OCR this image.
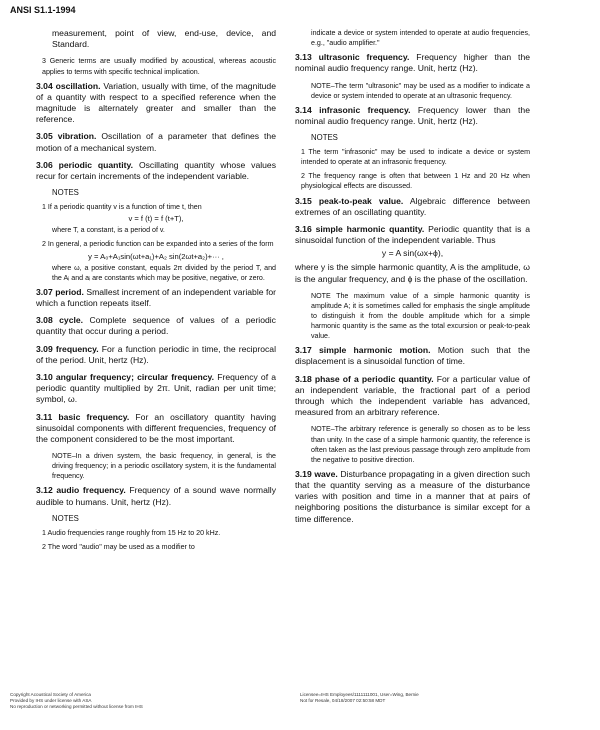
ANSI S1.1-1994

measurement, point of view, end-use, device, and Standard.

3 Generic terms are usually modified by acoustical, whereas acoustic applies to terms with specific technical implication.

3.04 oscillation. Variation, usually with time, of the magnitude of a quantity with respect to a specified reference when the magnitude is alternately greater and smaller than the reference.

3.05 vibration. Oscillation of a parameter that defines the motion of a mechanical system.

3.06 periodic quantity. Oscillating quantity whose values recur for certain increments of the independent variable.

NOTES

1 If a periodic quantity v is a function of time t, then

v = f (t) = f (t+T),

where T, a constant, is a period of v.

2 In general, a periodic function can be expanded into a series of the form

y = A₀+A₁sin(ωt+a₁)+A₂ sin(2ωt+a₂)+··· ,

where ω, a positive constant, equals 2π divided by the period T, and the Aᵢ and aᵢ are constants which may be positive, negative, or zero.

3.07 period. Smallest increment of an independent variable for which a function repeats itself.

3.08 cycle. Complete sequence of values of a periodic quantity that occur during a period.

3.09 frequency. For a function periodic in time, the reciprocal of the period. Unit, hertz (Hz).

3.10 angular frequency; circular frequency. Frequency of a periodic quantity multiplied by 2π. Unit, radian per unit time; symbol, ω.

3.11 basic frequency. For an oscillatory quantity having sinusoidal components with different frequencies, frequency of the component considered to be the most important.

NOTE–In a driven system, the basic frequency, in general, is the driving frequency; in a periodic oscillatory system, it is the fundamental frequency.

3.12 audio frequency. Frequency of a sound wave normally audible to humans. Unit, hertz (Hz).

NOTES

1 Audio frequencies range roughly from 15 Hz to 20 kHz.

2 The word "audio" may be used as a modifier to

indicate a device or system intended to operate at audio frequencies, e.g., "audio amplifier."

3.13 ultrasonic frequency. Frequency higher than the nominal audio frequency range. Unit, hertz (Hz).

NOTE–The term "ultrasonic" may be used as a modifier to indicate a device or system intended to operate at an ultrasonic frequency.

3.14 infrasonic frequency. Frequency lower than the nominal audio frequency range. Unit, hertz (Hz).

NOTES

1 The term "infrasonic" may be used to indicate a device or system intended to operate at an infrasonic frequency.

2 The frequency range is often that between 1 Hz and 20 Hz when physiological effects are discussed.

3.15 peak-to-peak value. Algebraic difference between extremes of an oscillating quantity.

3.16 simple harmonic quantity. Periodic quantity that is a sinusoidal function of the independent variable. Thus

y = A sin(ωx+ϕ),

where y is the simple harmonic quantity, A is the amplitude, ω is the angular frequency, and ϕ is the phase of the oscillation.

NOTE The maximum value of a simple harmonic quantity is amplitude A; it is sometimes called for emphasis the single amplitude to distinguish it from the double amplitude which for a simple harmonic quantity is the same as the total excursion or peak-to-peak value.

3.17 simple harmonic motion. Motion such that the displacement is a sinusoidal function of time.

3.18 phase of a periodic quantity. For a particular value of an independent variable, the fractional part of a period through which the independent variable has advanced, measured from an arbitrary reference.

NOTE–The arbitrary reference is generally so chosen as to be less than unity. In the case of a simple harmonic quantity, the reference is often taken as the last previous passage through zero amplitude from the negative to positive direction.

3.19 wave. Disturbance propagating in a given direction such that the quantity serving as a measure of the disturbance varies with position and time in a manner that at pairs of neighboring positions the disturbance is similar except for a time difference.

Copyright Acoustical Society of America
Provided by IHS under license with ASA
No reproduction or networking permitted without license from IHS
Licensee=IHS Employees/1111111001, User=Wing, Bernie
Not for Resale, 04/18/2007 02:50:58 MDT
